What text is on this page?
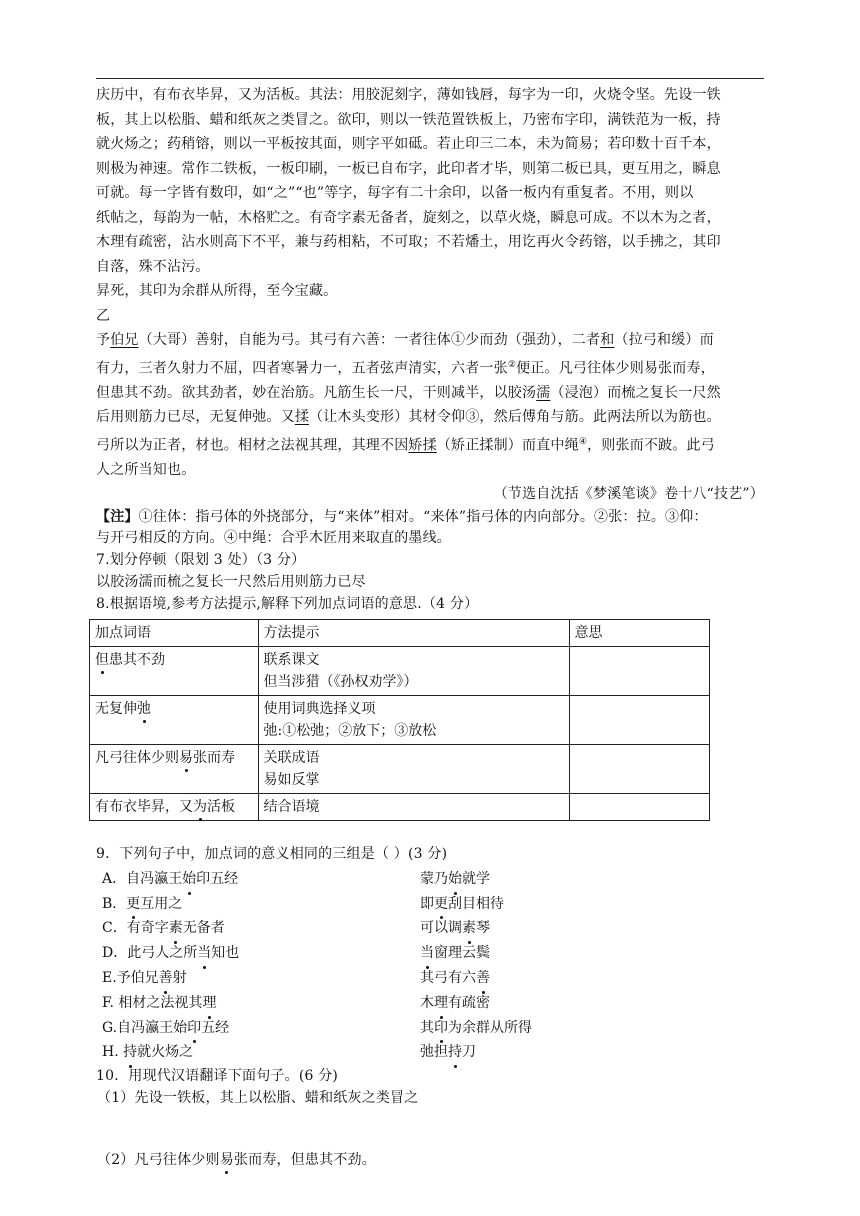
庆历中，有布衣毕昇，又为活板。其法：用胶泥刻字，薄如钱唇，每字为一印，火烧令坚。先设一铁

板，其上以松脂、蜡和纸灰之类冒之。欲印，则以一铁范置铁板上，乃密布字印，满铁范为一板，持

就火炀之；药稍镕，则以一平板按其面，则字平如砥。若止印三二本，未为简易；若印数十百千本，

则极为神速。常作二铁板，一板印刷，一板已自布字，此印者才毕，则第二板已具，更互用之，瞬息

可就。每一字皆有数印，如“之”“也”等字，每字有二十余印，以备一板内有重复者。不用，则以

纸帖之，每韵为一帖，木格贮之。有奇字素无备者，旋刻之，以草火烧，瞬息可成。不以木为之者，

木理有疏密，沾水则高下不平，兼与药相粘，不可取；不若燔土，用讫再火令药镕，以手拂之，其印

自落，殊不沾污。

昇死，其印为余群从所得，至今宝藏。

乙

予伯兄（大哥）善射，自能为弓。其弓有六善：一者往体①少而劲（强劲），二者和（拉弓和缓）而

有力，三者久射力不屈，四者寒暑力一，五者弦声清实，六者一张②便正。凡弓往体少则易张而寿，

但患其不劲。欲其劲者，妙在治筋。凡筋生长一尺，干则减半，以胶汤濡（浸泡）而梳之复长一尺然

后用则筋力已尽，无复伸弛。又揉（让木头变形）其材令仰③，然后傅角与筋。此两法所以为筋也。

弓所以为正者，材也。相材之法视其理，其理不因矫揉（矫正揉制）而直中绳④，则张而不跛。此弓

人之所当知也。

（节选自沈括《梦溪笔谈》卷十八“技艺”）

【注】①往体：指弓体的外挠部分，与“来体”相对。“来体”指弓体的内向部分。②张：拉。③仰：

与开弓相反的方向。④中绳：合乎木匠用来取直的墨线。

7.划分停顿（限划 3 处）（3 分）

以胶汤濡而梳之复长一尺然后用则筋力已尽

8.根据语境,参考方法提示,解释下列加点词语的意思.（4 分）

加点词语	方法提示	意思
但患其不劲	联系课文
但当涉猎（《孙权劝学》）	

无复伸弛	使用词典选择义项
弛:①松弛；②放下；③放松	

凡弓往体少则易张而寿	关联成语
易如反掌	

有布衣毕昇，又为活板	结合语境	

9．下列句子中，加点词的意义相同的三组是（ ）(3 分)

A．自冯瀛王始印五经	蒙乃始就学
B．更互用之	即更刮目相待
C．有奇字素无备者	可以调素琴
D．此弓人之所当知也	当窗理云鬓
E.予伯兄善射	其弓有六善
F. 相材之法视其理	木理有疏密
G.自冯瀛王始印五经	其印为余群从所得
H. 持就火炀之	弛担持刀

10．用现代汉语翻译下面句子。(6 分)

（1）先设一铁板，其上以松脂、蜡和纸灰之类冒之

（2）凡弓往体少则易张而寿，但患其不劲。
